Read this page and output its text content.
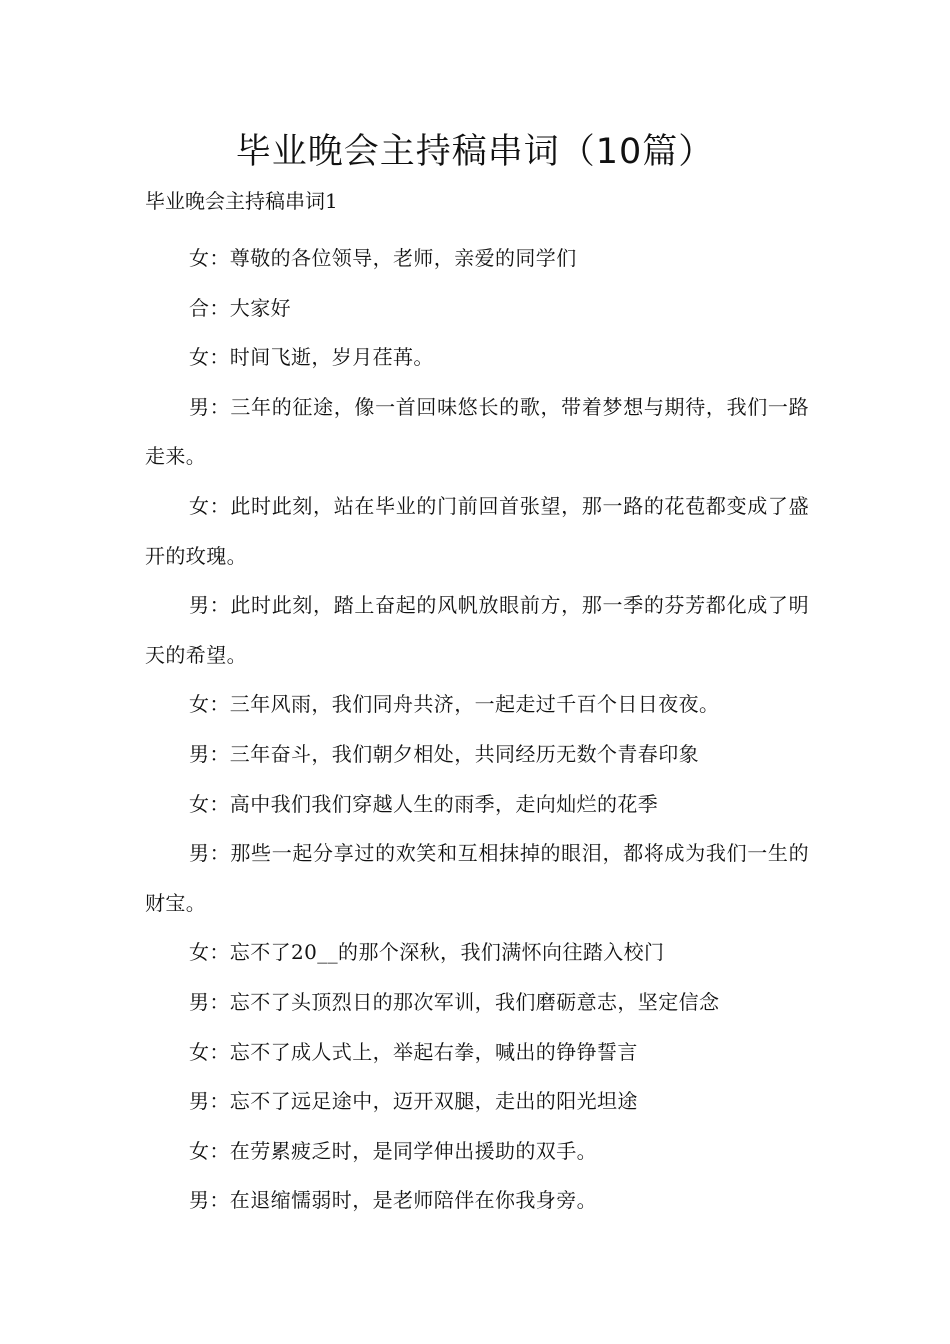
毕业晚会主持稿串词（10篇）
毕业晚会主持稿串词1

女：尊敬的各位领导，老师，亲爱的同学们

合：大家好

女：时间飞逝，岁月荏苒。

男：三年的征途，像一首回味悠长的歌，带着梦想与期待，我们一路走来。

女：此时此刻，站在毕业的门前回首张望，那一路的花苞都变成了盛开的玫瑰。

男：此时此刻，踏上奋起的风帆放眼前方，那一季的芬芳都化成了明天的希望。

女：三年风雨，我们同舟共济，一起走过千百个日日夜夜。

男：三年奋斗，我们朝夕相处，共同经历无数个青春印象

女：高中我们我们穿越人生的雨季，走向灿烂的花季

男：那些一起分享过的欢笑和互相抹掉的眼泪，都将成为我们一生的财宝。

女：忘不了20__的那个深秋，我们满怀向往踏入校门

男：忘不了头顶烈日的那次军训，我们磨砺意志，坚定信念

女：忘不了成人式上，举起右拳，喊出的铮铮誓言

男：忘不了远足途中，迈开双腿，走出的阳光坦途

女：在劳累疲乏时，是同学伸出援助的双手。

男：在退缩懦弱时，是老师陪伴在你我身旁。
